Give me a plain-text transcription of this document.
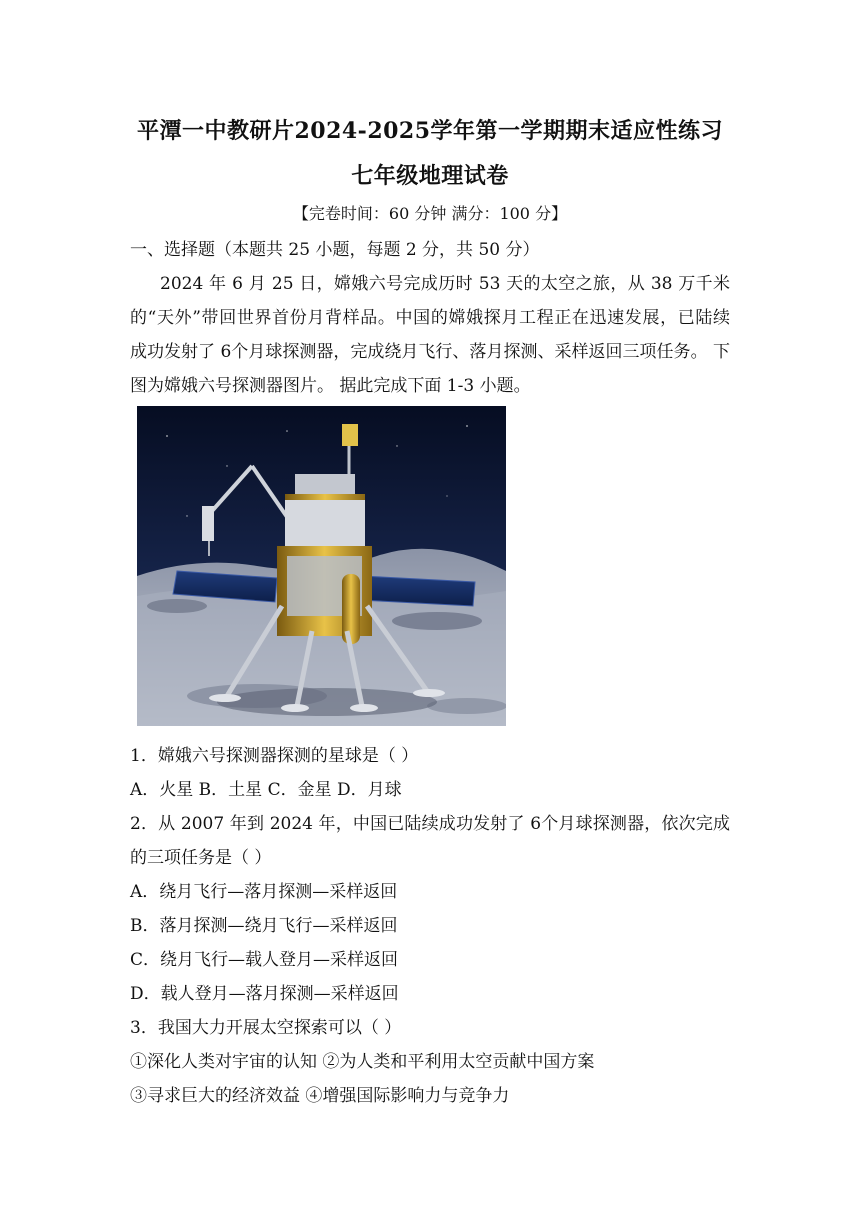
平潭一中教研片2024-2025学年第一学期期末适应性练习
七年级地理试卷
【完卷时间：60 分钟 满分：100 分】
一、选择题（本题共 25 小题，每题 2 分，共 50 分）
2024 年 6 月 25 日，嫦娥六号完成历时 53 天的太空之旅，从 38 万千米
的“天外”带回世界首份月背样品。中国的嫦娥探月工程正在迅速发展，已陆续
成功发射了 6个月球探测器，完成绕月飞行、落月探测、采样返回三项任务。 下
图为嫦娥六号探测器图片。 据此完成下面 1-3 小题。
1．嫦娥六号探测器探测的星球是（ ）
A．火星 B．土星 C．金星 D．月球
2．从 2007 年到 2024 年，中国已陆续成功发射了 6个月球探测器，依次完成
的三项任务是（ ）
A．绕月飞行—落月探测—采样返回
B．落月探测—绕月飞行—采样返回
C．绕月飞行—载人登月—采样返回
D．载人登月—落月探测—采样返回
3．我国大力开展太空探索可以（ ）
①深化人类对宇宙的认知 ②为人类和平利用太空贡献中国方案
③寻求巨大的经济效益 ④增强国际影响力与竞争力
